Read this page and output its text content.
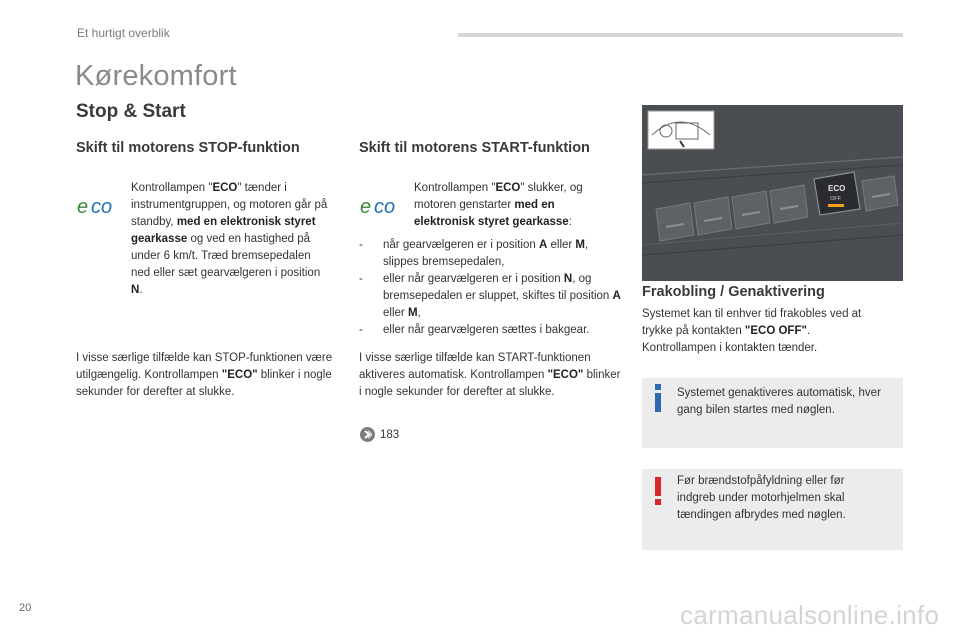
Et hurtigt overblik
Kørekomfort
Stop & Start
Skift til motorens STOP-funktion
e co
Kontrollampen "ECO" tænder i instrumentgruppen, og motoren går på standby, med en elektronisk styret gearkasse og ved en hastighed på under 6 km/t. Træd bremsepedalen ned eller sæt gearvælgeren i position N.
I visse særlige tilfælde kan STOP-funktionen være utilgængelig. Kontrollampen "ECO" blinker i nogle sekunder for derefter at slukke.
Skift til motorens START-funktion
e co
Kontrollampen "ECO" slukker, og motoren genstarter med en elektronisk styret gearkasse:
- når gearvælgeren er i position A eller M, slippes bremsepedalen,
- eller når gearvælgeren er i position N, og bremsepedalen er sluppet, skiftes til position A eller M,
- eller når gearvælgeren sættes i bakgear.
I visse særlige tilfælde kan START-funktionen aktiveres automatisk. Kontrollampen "ECO" blinker i nogle sekunder for derefter at slukke.
183
ECO
OFF
Frakobling / Genaktivering
Systemet kan til enhver tid frakobles ved at trykke på kontakten "ECO OFF". Kontrollampen i kontakten tænder.
Systemet genaktiveres automatisk, hver gang bilen startes med nøglen.
Før brændstofpåfyldning eller før indgreb under motorhjelmen skal tændingen afbrydes med nøglen.
20	carmanualsonline.info
